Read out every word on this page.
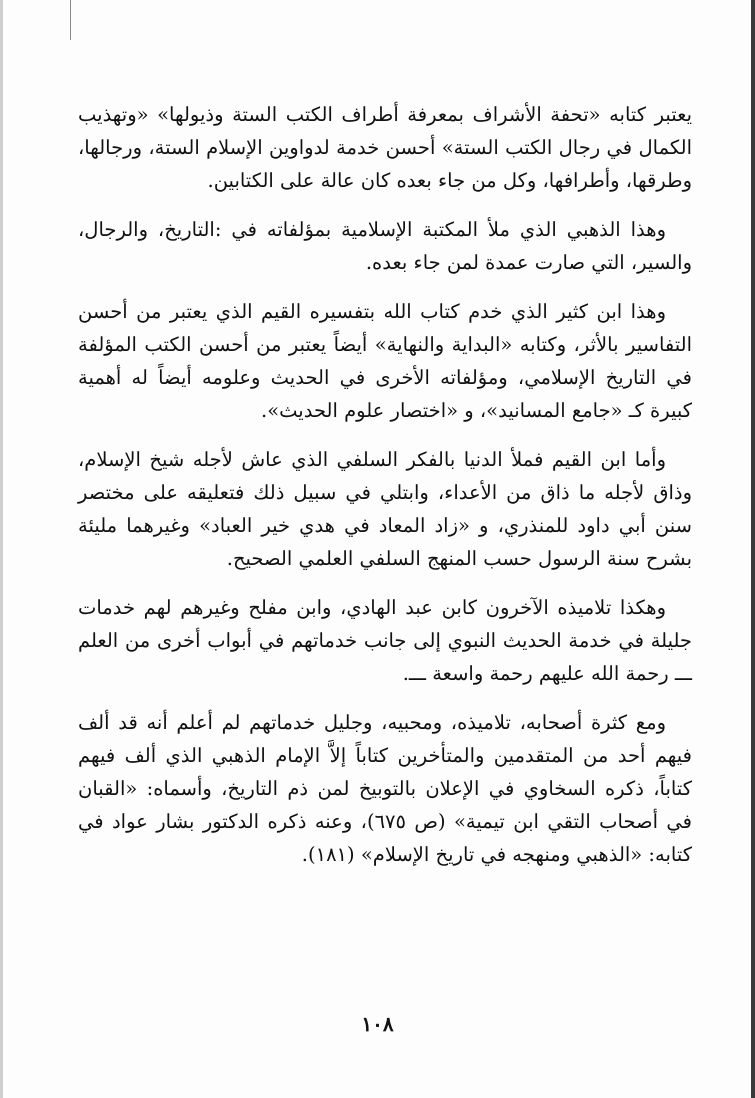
يعتبر كتابه «تحفة الأشراف بمعرفة أطراف الكتب الستة وذيولها» «وتهذيب الكمال في رجال الكتب الستة» أحسن خدمة لدواوين الإسلام الستة، ورجالها، وطرقها، وأطرافها، وكل من جاء بعده كان عالة على الكتابين.

وهذا الذهبي الذي ملأ المكتبة الإسلامية بمؤلفاته في :التاريخ، والرجال، والسير، التي صارت عمدة لمن جاء بعده.

وهذا ابن كثير الذي خدم كتاب الله بتفسيره القيم الذي يعتبر من أحسن التفاسير بالأثر، وكتابه «البداية والنهاية» أيضاً يعتبر من أحسن الكتب المؤلفة في التاريخ الإسلامي، ومؤلفاته الأخرى في الحديث وعلومه أيضاً له أهمية كبيرة كـ «جامع المسانيد»، و «اختصار علوم الحديث».

وأما ابن القيم فملأ الدنيا بالفكر السلفي الذي عاش لأجله شيخ الإسلام، وذاق لأجله ما ذاق من الأعداء، وابتلي في سبيل ذلك فتعليقه على مختصر سنن أبي داود للمنذري، و «زاد المعاد في هدي خير العباد» وغيرهما مليئة بشرح سنة الرسول حسب المنهج السلفي العلمي الصحيح.

وهكذا تلاميذه الآخرون كابن عبد الهادي، وابن مفلح وغيرهم لهم خدمات جليلة في خدمة الحديث النبوي إلى جانب خدماتهم في أبواب أخرى من العلم ـــ رحمة الله عليهم رحمة واسعة ـــ.

ومع كثرة أصحابه، تلاميذه، ومحبيه، وجليل خدماتهم لم أعلم أنه قد ألف فيهم أحد من المتقدمين والمتأخرين كتاباً إلاَّ الإمام الذهبي الذي ألف فيهم كتاباً، ذكره السخاوي في الإعلان بالتوبيخ لمن ذم التاريخ، وأسماه: «القبان في أصحاب التقي ابن تيمية» (ص ٦٧٥)، وعنه ذكره الدكتور بشار عواد في كتابه: «الذهبي ومنهجه في تاريخ الإسلام» (١٨١).

١٠٨
